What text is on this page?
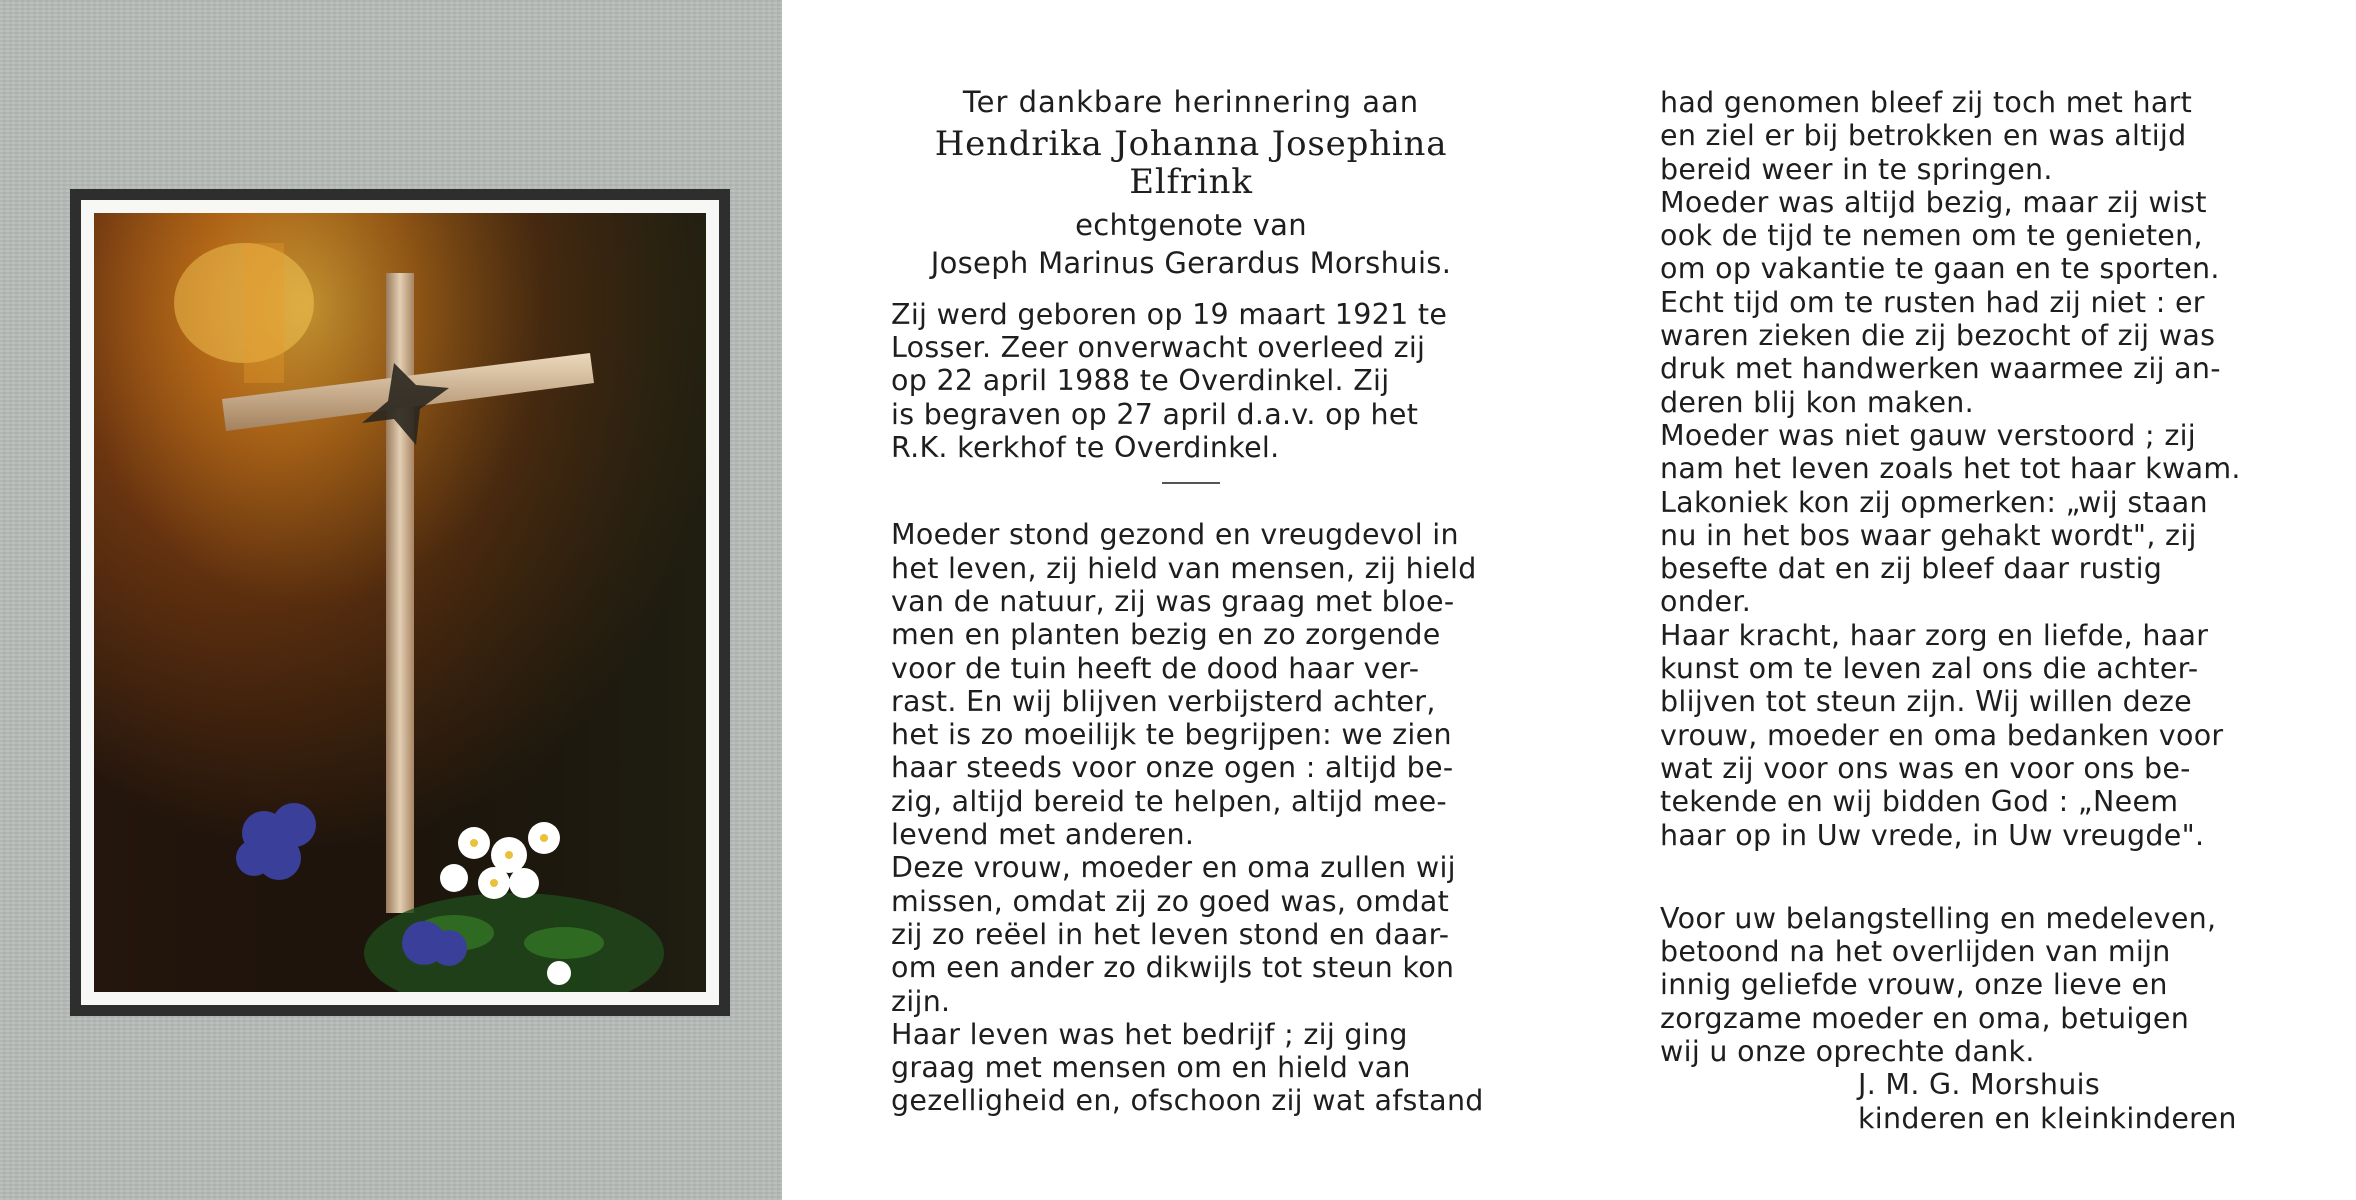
Ter dankbare herinnering aan
Hendrika Johanna Josephina
Elfrink
echtgenote van
Joseph Marinus Gerardus Morshuis.

Zij werd geboren op 19 maart 1921 te

Losser. Zeer onverwacht overleed zij

op 22 april 1988 te Overdinkel. Zij

is begraven op 27 april d.a.v. op het

R.K. kerkhof te Overdinkel.

Moeder stond gezond en vreugdevol in

het leven, zij hield van mensen, zij hield

van de natuur, zij was graag met bloe-

men en planten bezig en zo zorgende

voor de tuin heeft de dood haar ver-

rast. En wij blijven verbijsterd achter,

het is zo moeilijk te begrijpen: we zien

haar steeds voor onze ogen : altijd be-

zig, altijd bereid te helpen, altijd mee-

levend met anderen.

Deze vrouw, moeder en oma zullen wij

missen, omdat zij zo goed was, omdat

zij zo reëel in het leven stond en daar-

om een ander zo dikwijls tot steun kon

zijn.

Haar leven was het bedrijf ; zij ging

graag met mensen om en hield van

gezelligheid en, ofschoon zij wat afstand

had genomen bleef zij toch met hart

en ziel er bij betrokken en was altijd

bereid weer in te springen.

Moeder was altijd bezig, maar zij wist

ook de tijd te nemen om te genieten,

om op vakantie te gaan en te sporten.

Echt tijd om te rusten had zij niet : er

waren zieken die zij bezocht of zij was

druk met handwerken waarmee zij an-

deren blij kon maken.

Moeder was niet gauw verstoord ; zij

nam het leven zoals het tot haar kwam.

Lakoniek kon zij opmerken: „wij staan

nu in het bos waar gehakt wordt", zij

besefte dat en zij bleef daar rustig

onder.

Haar kracht, haar zorg en liefde, haar

kunst om te leven zal ons die achter-

blijven tot steun zijn. Wij willen deze

vrouw, moeder en oma bedanken voor

wat zij voor ons was en voor ons be-

tekende en wij bidden God : „Neem

haar op in Uw vrede, in Uw vreugde".

Voor uw belangstelling en medeleven,

betoond na het overlijden van mijn

innig geliefde vrouw, onze lieve en

zorgzame moeder en oma, betuigen

wij u onze oprechte dank.

J. M. G. Morshuis
kinderen en kleinkinderen
